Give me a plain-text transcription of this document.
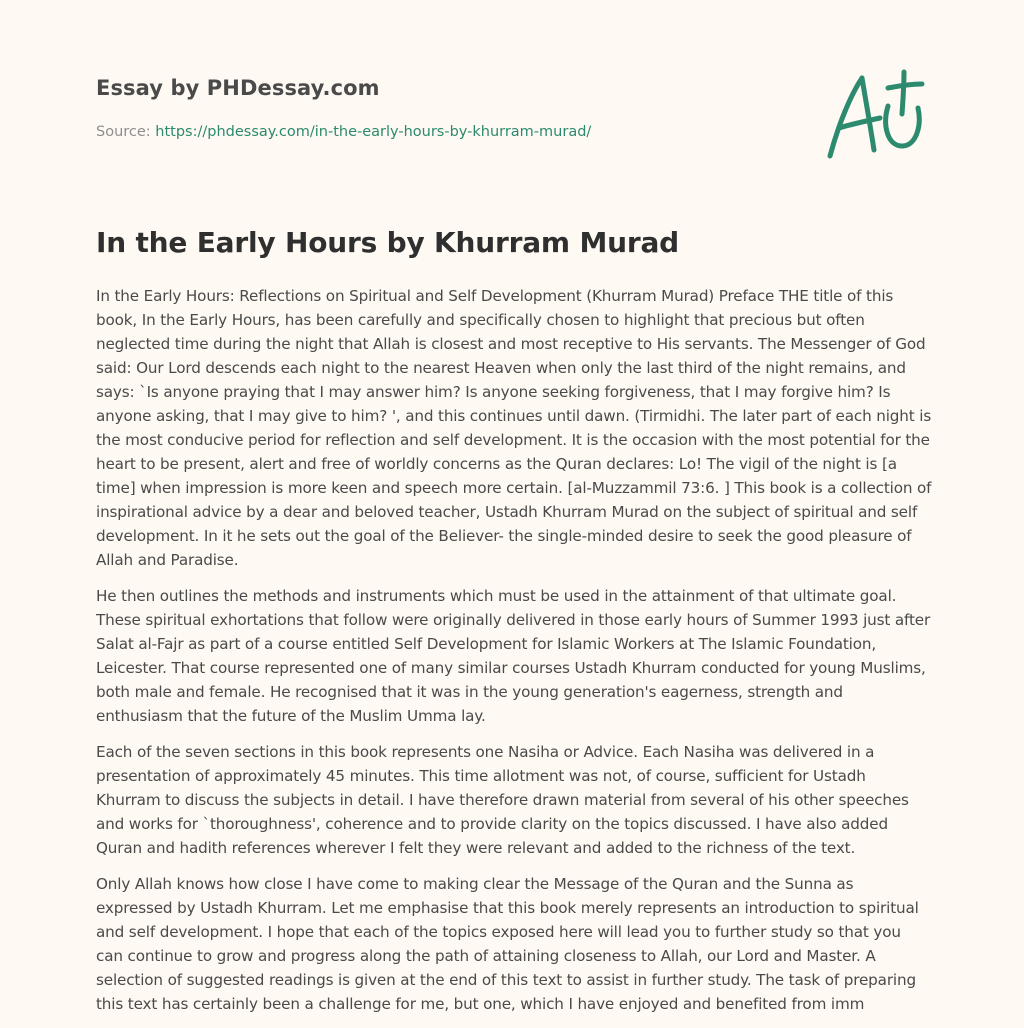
Essay by PHDessay.com
Source: https://phdessay.com/in-the-early-hours-by-khurram-murad/
In the Early Hours by Khurram Murad

In the Early Hours: Reflections on Spiritual and Self Development (Khurram Murad) Preface THE title of this book, In the Early Hours, has been carefully and specifically chosen to highlight that precious but often neglected time during the night that Allah is closest and most receptive to His servants. The Messenger of God said: Our Lord descends each night to the nearest Heaven when only the last third of the night remains, and says: `Is anyone praying that I may answer him? Is anyone seeking forgiveness, that I may forgive him? Is anyone asking, that I may give to him? ', and this continues until dawn. (Tirmidhi. The later part of each night is the most conducive period for reflection and self development. It is the occasion with the most potential for the heart to be present, alert and free of worldly concerns as the Quran declares: Lo! The vigil of the night is [a time] when impression is more keen and speech more certain. [al-Muzzammil 73:6. ] This book is a collection of inspirational advice by a dear and beloved teacher, Ustadh Khurram Murad on the subject of spiritual and self development. In it he sets out the goal of the Believer- the single-minded desire to seek the good pleasure of Allah and Paradise.

He then outlines the methods and instruments which must be used in the attainment of that ultimate goal. These spiritual exhortations that follow were originally delivered in those early hours of Summer 1993 just after Salat al-Fajr as part of a course entitled Self Development for Islamic Workers at The Islamic Foundation, Leicester. That course represented one of many similar courses Ustadh Khurram conducted for young Muslims, both male and female. He recognised that it was in the young generation's eagerness, strength and enthusiasm that the future of the Muslim Umma lay.

Each of the seven sections in this book represents one Nasiha or Advice. Each Nasiha was delivered in a presentation of approximately 45 minutes. This time allotment was not, of course, sufficient for Ustadh Khurram to discuss the subjects in detail. I have therefore drawn material from several of his other speeches and works for `thoroughness', coherence and to provide clarity on the topics discussed. I have also added Quran and hadith references wherever I felt they were relevant and added to the richness of the text.

Only Allah knows how close I have come to making clear the Message of the Quran and the Sunna as expressed by Ustadh Khurram. Let me emphasise that this book merely represents an introduction to spiritual and self development. I hope that each of the topics exposed here will lead you to further study so that you can continue to grow and progress along the path of attaining closeness to Allah, our Lord and Master. A selection of suggested readings is given at the end of this text to assist in further study. The task of preparing this text has certainly been a challenge for me, but one, which I have enjoyed and benefited from imm
